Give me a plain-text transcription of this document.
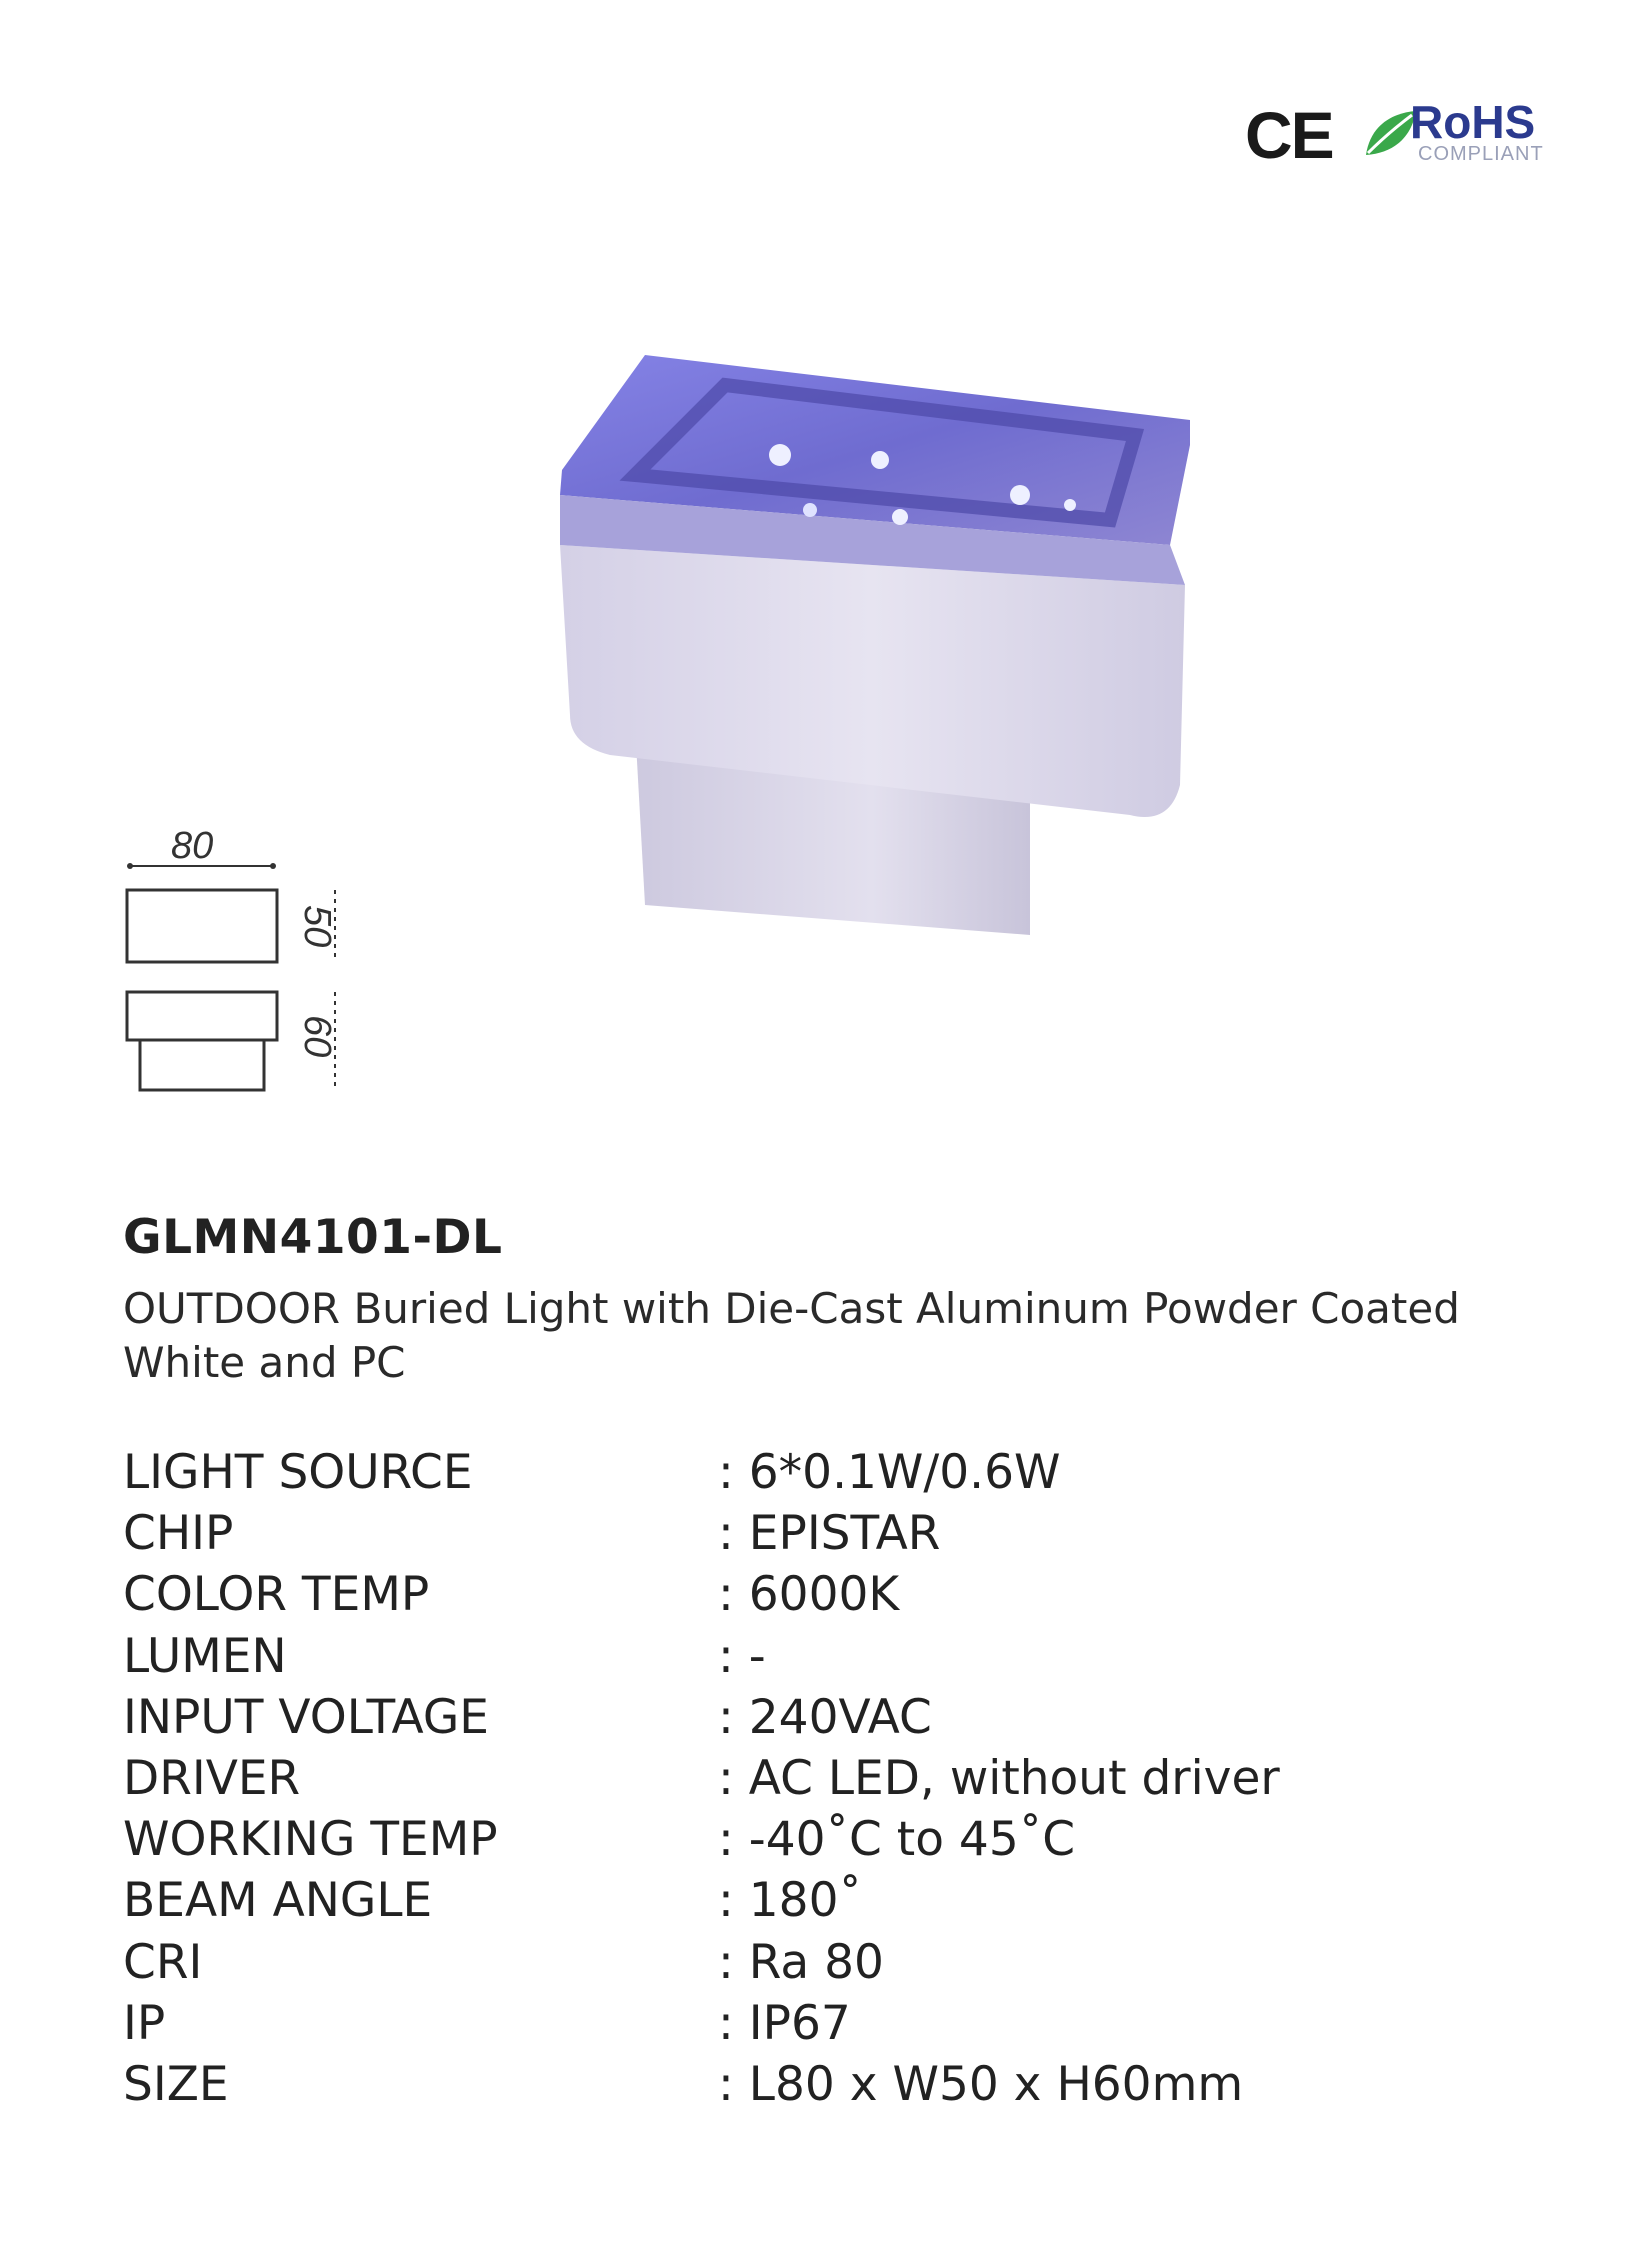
CE RoHS
COMPLIANT
80
50
60
GLMN4101-DL
OUTDOOR Buried Light with Die-Cast Aluminum Powder Coated White and PC
LIGHT SOURCE	: 6*0.1W/0.6W
CHIP	: EPISTAR
COLOR TEMP	: 6000K
LUMEN	: -
INPUT VOLTAGE	: 240VAC
DRIVER	: AC LED, without driver
WORKING TEMP	: -40˚C to 45˚C
BEAM ANGLE	: 180˚
CRI	: Ra 80
IP	: IP67
SIZE	: L80 x W50 x H60mm
